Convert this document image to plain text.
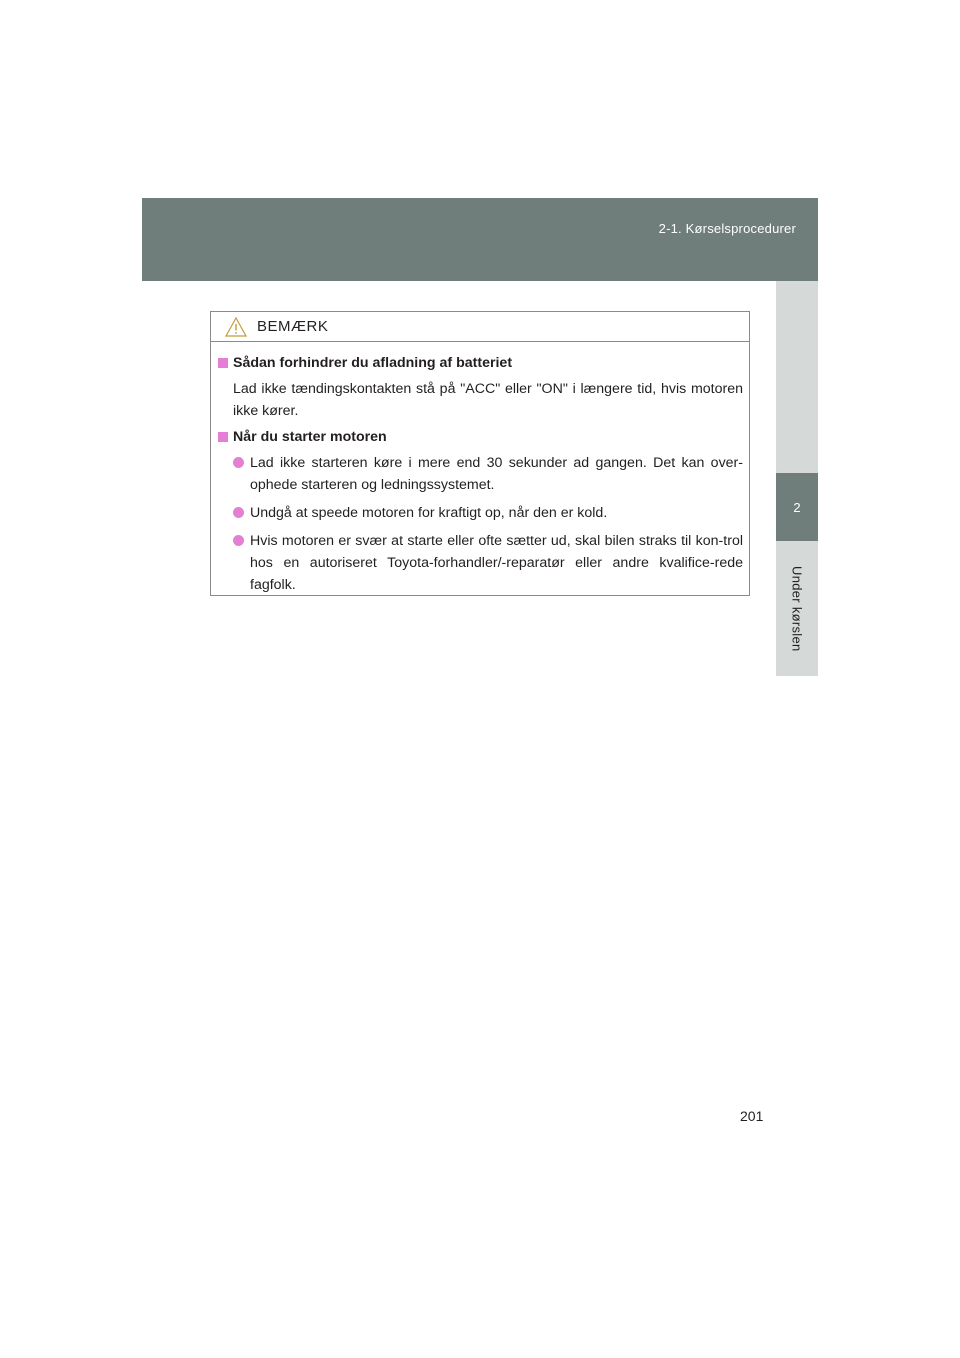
2-1. Kørselsprocedurer
2
Under kørslen
BEMÆRK
Sådan forhindrer du afladning af batteriet
Lad ikke tændingskontakten stå på "ACC" eller "ON" i længere tid, hvis motoren ikke kører.
Når du starter motoren
Lad ikke starteren køre i mere end 30 sekunder ad gangen. Det kan over-ophede starteren og ledningssystemet.
Undgå at speede motoren for kraftigt op, når den er kold.
Hvis motoren er svær at starte eller ofte sætter ud, skal bilen straks til kon-trol hos en autoriseret Toyota-forhandler/-reparatør eller andre kvalifice-rede fagfolk.
201
